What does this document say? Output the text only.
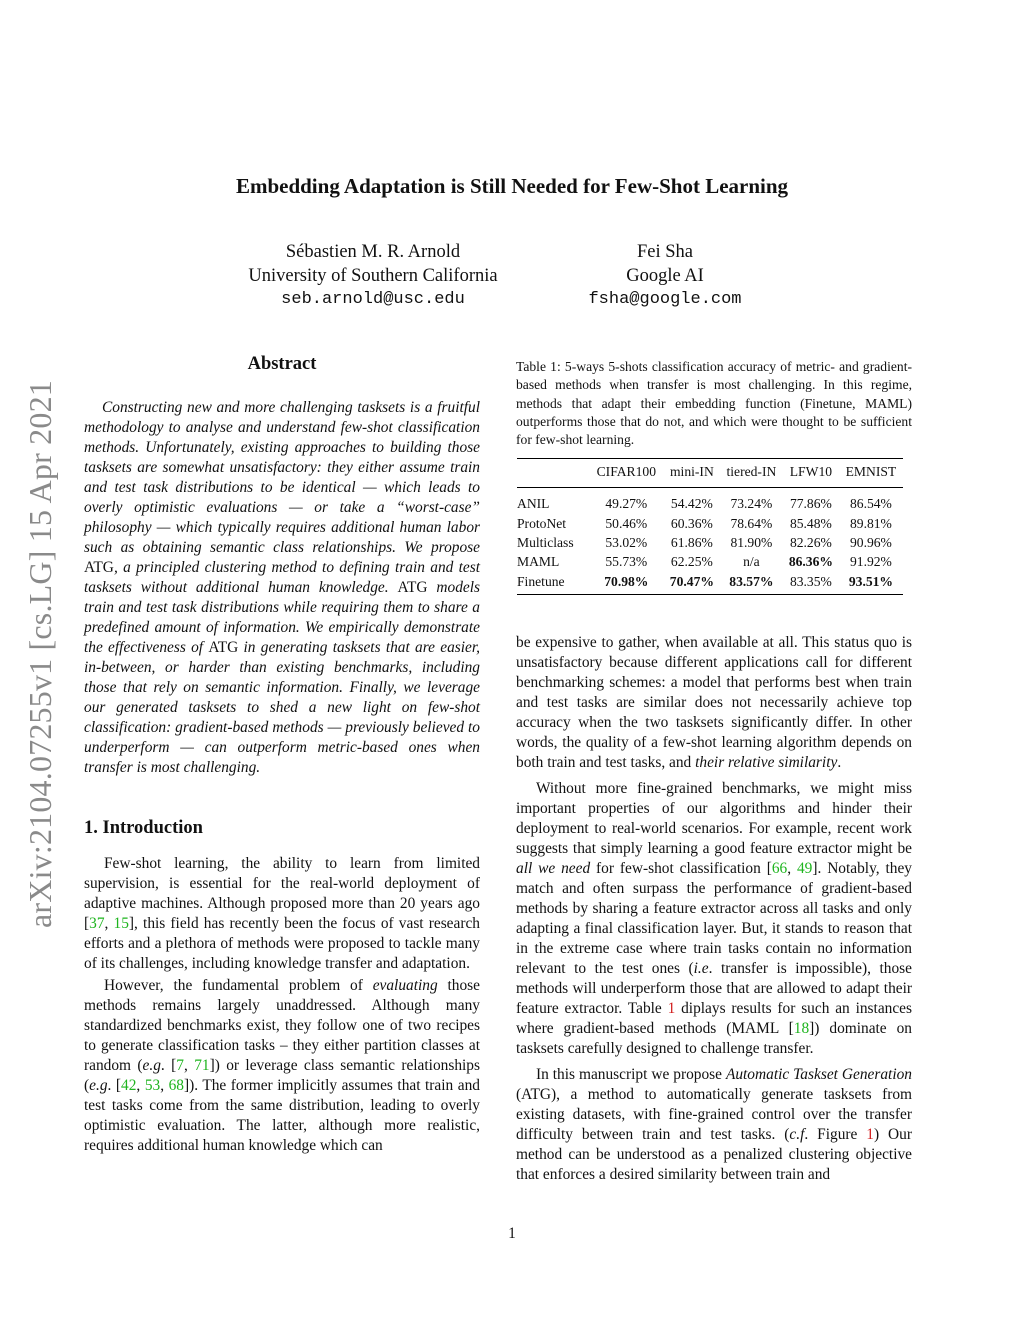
Embedding Adaptation is Still Needed for Few-Shot Learning
Sébastien M. R. Arnold
University of Southern California
seb.arnold@usc.edu
Fei Sha
Google AI
fsha@google.com
arXiv:2104.07255v1 [cs.LG] 15 Apr 2021
Abstract

Constructing new and more challenging tasksets is a fruitful methodology to analyse and understand few-shot classification methods. Unfortunately, existing approaches to building those tasksets are somewhat unsatisfactory: they either assume train and test task distributions to be identical — which leads to overly optimistic evaluations — or take a “worst-case” philosophy — which typically requires additional human labor such as obtaining semantic class relationships. We propose ATG, a principled clustering method to defining train and test tasksets without additional human knowledge. ATG models train and test task distributions while requiring them to share a predefined amount of information. We empirically demonstrate the effectiveness of ATG in generating tasksets that are easier, in-between, or harder than existing benchmarks, including those that rely on semantic information. Finally, we leverage our generated tasksets to shed a new light on few-shot classification: gradient-based methods — previously believed to underperform — can outperform metric-based ones when transfer is most challenging.

1. Introduction

Few-shot learning, the ability to learn from limited supervision, is essential for the real-world deployment of adaptive machines. Although proposed more than 20 years ago [37, 15], this field has recently been the focus of vast research efforts and a plethora of methods were proposed to tackle many of its challenges, including knowledge transfer and adaptation.

However, the fundamental problem of evaluating those methods remains largely unaddressed. Although many standardized benchmarks exist, they follow one of two recipes to generate classification tasks – they either partition classes at random (e.g. [7, 71]) or leverage class semantic relationships (e.g. [42, 53, 68]). The former implicitly assumes that train and test tasks come from the same distribution, leading to overly optimistic evaluation. The latter, although more realistic, requires additional human knowledge which can

Table 1: 5-ways 5-shots classification accuracy of metric- and gradient-based methods when transfer is most challenging. In this regime, methods that adapt their embedding function (Finetune, MAML) outperforms those that do not, and which were thought to be sufficient for few-shot learning.

	CIFAR100	mini-IN	tiered-IN	LFW10	EMNIST
ANIL	49.27%	54.42%	73.24%	77.86%	86.54%
ProtoNet	50.46%	60.36%	78.64%	85.48%	89.81%
Multiclass	53.02%	61.86%	81.90%	82.26%	90.96%
MAML	55.73%	62.25%	n/a	86.36%	91.92%
Finetune	70.98%	70.47%	83.57%	83.35%	93.51%

be expensive to gather, when available at all. This status quo is unsatisfactory because different applications call for different benchmarking schemes: a model that performs best when train and test tasks are similar does not necessarily achieve top accuracy when the two tasksets significantly differ. In other words, the quality of a few-shot learning algorithm depends on both train and test tasks, and their relative similarity.

Without more fine-grained benchmarks, we might miss important properties of our algorithms and hinder their deployment to real-world scenarios. For example, recent work suggests that simply learning a good feature extractor might be all we need for few-shot classification [66, 49]. Notably, they match and often surpass the performance of gradient-based methods by sharing a feature extractor across all tasks and only adapting a final classification layer. But, it stands to reason that in the extreme case where train tasks contain no information relevant to the test ones (i.e. transfer is impossible), those methods will underperform those that are allowed to adapt their feature extractor. Table 1 diplays results for such an instances where gradient-based methods (MAML [18]) dominate on tasksets carefully designed to challenge transfer.

In this manuscript we propose Automatic Taskset Generation (ATG), a method to automatically generate tasksets from existing datasets, with fine-grained control over the transfer difficulty between train and test tasks. (c.f. Figure 1) Our method can be understood as a penalized clustering objective that enforces a desired similarity between train and

1
